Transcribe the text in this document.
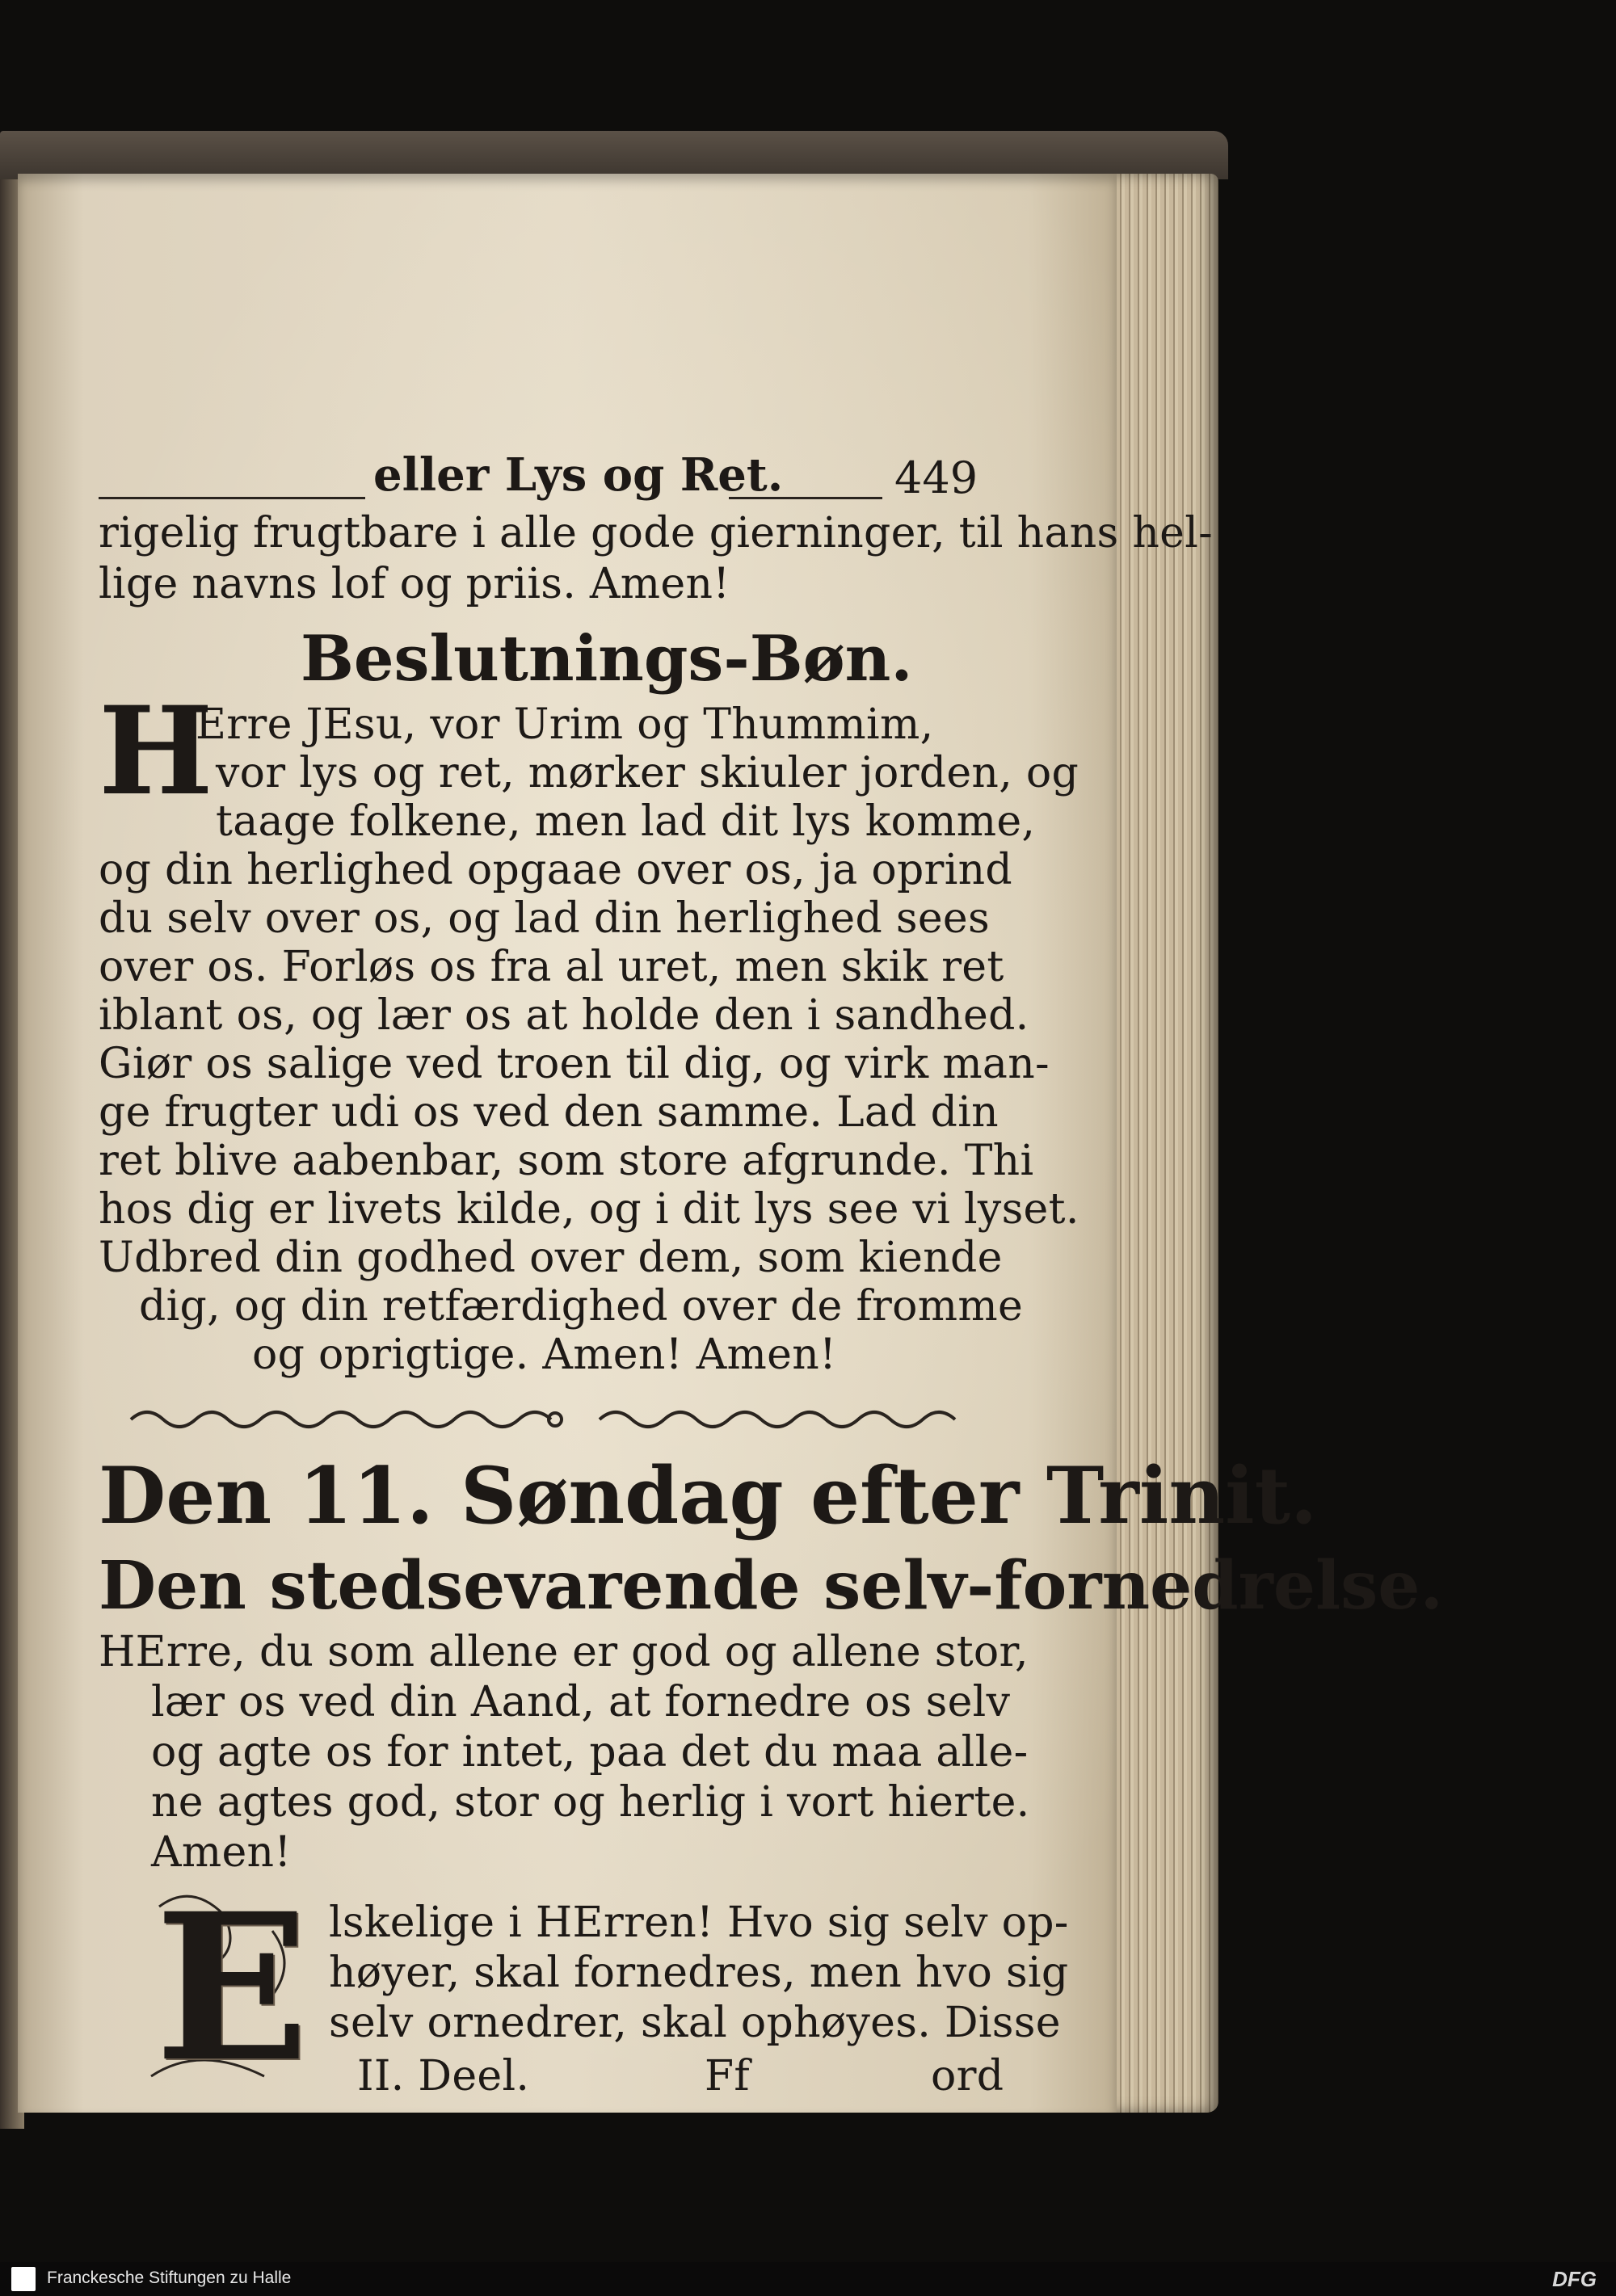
eller Lys og Ret.	449

rigelig frugtbare i alle gode gierninger, til hans hel-

lige navns lof og priis. Amen!

Beslutnings-Bøn.

H

Erre JEsu, vor Urim og Thummim,

vor lys og ret, mørker skiuler jorden, og

taage folkene, men lad dit lys komme,

og din herlighed opgaae over os, ja oprind

du selv over os, og lad din herlighed sees

over os. Forløs os fra al uret, men skik ret

iblant os, og lær os at holde den i sandhed.

Giør os salige ved troen til dig, og virk man-

ge frugter udi os ved den samme. Lad din

ret blive aabenbar, som store afgrunde. Thi

hos dig er livets kilde, og i dit lys see vi lyset.

Udbred din godhed over dem, som kiende

dig, og din retfærdighed over de fromme

og oprigtige. Amen! Amen!

Den 11. Søndag efter Trinit.

Den stedsevarende selv-fornedrelse.

HErre, du som allene er god og allene stor,

lær os ved din Aand, at fornedre os selv

og agte os for intet, paa det du maa alle-

ne agtes god, stor og herlig i vort hierte.

Amen!

E lskelige i HErren! Hvo sig selv op-

høyer, skal fornedres, men hvo sig

selv ornedrer, skal ophøyes. Disse

II. Deel.	Ff	ord

Franckesche Stiftungen zu Halle	DFG
